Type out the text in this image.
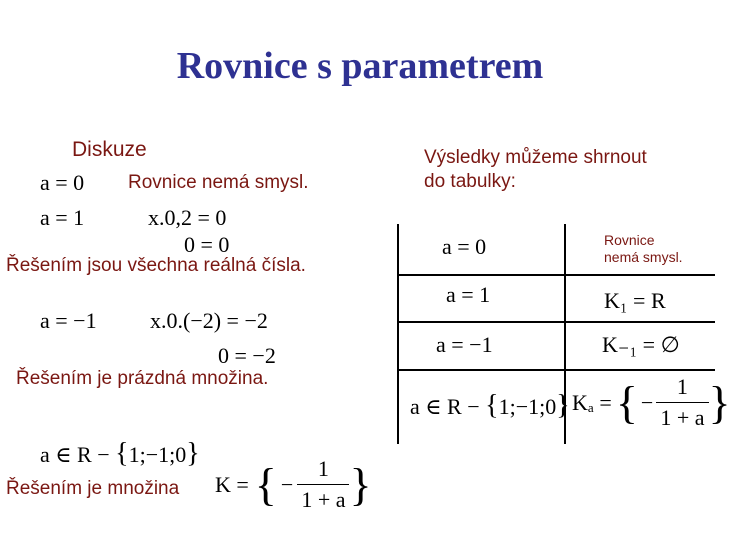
Rovnice s parametrem
Diskuze
a = 0 Rovnice nemá smysl.
a = 1	x.0,2 = 0
0 = 0
Řešením jsou všechna reálná čísla.
a = −1 x.0.(−2) = −2
0 = −2
Řešením je prázdná množina.
a ∈ R − {1;−1;0}
Řešením je množina K = { − $\frac{1}{1 + a}$ }
Výsledky můžeme shrnout
do tabulky:
a = 0	Rovnice
nemá smysl.
a = 1	K₁ = R
a = −1	K₋₁ = ∅
a ∈ R − {1;−1;0} Kₐ = { − $\frac{1}{1 + a}$ }
